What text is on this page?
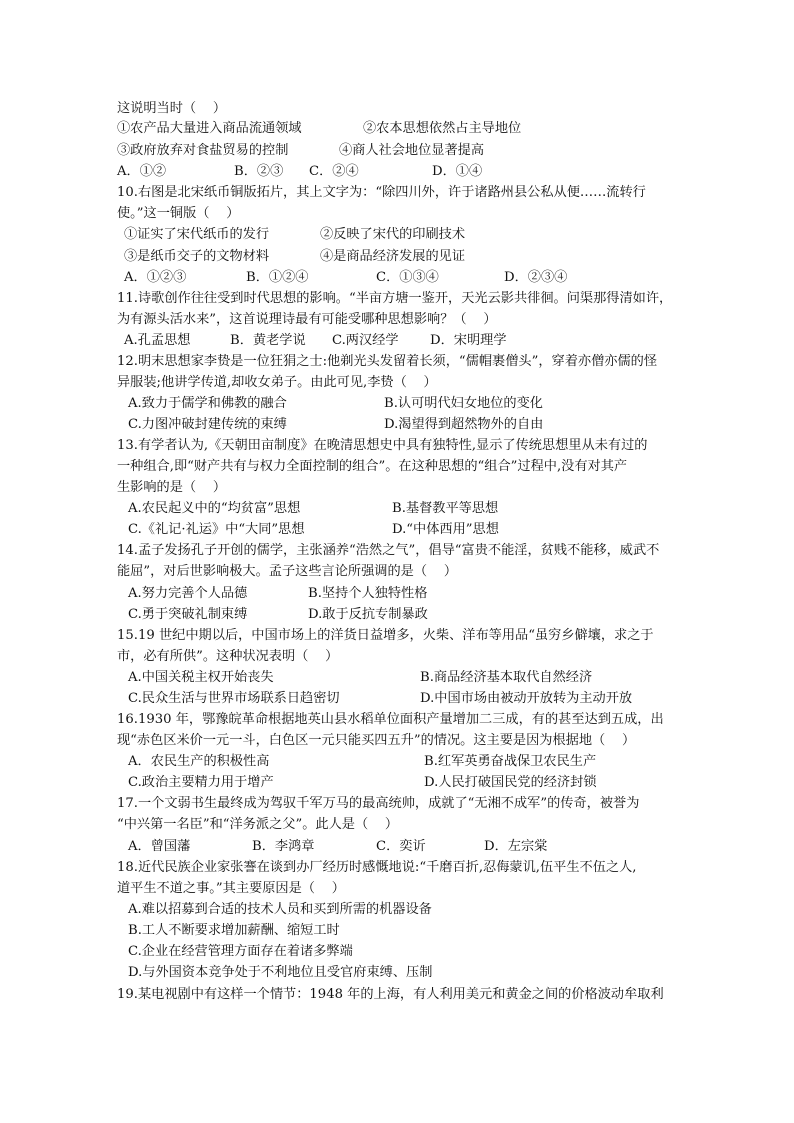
这说明当时（    ）

①农产品大量进入商品流通领域

	②农本思想依然占主导地位

③政府放弃对食盐贸易的控制

	④商人社会地位显著提高

A．①②

	B．②③

C．②④

	D．①④

10.右图是北宋纸币铜版拓片，其上文字为：“除四川外，许于诸路州县公私从便……流转行
使。”这一铜版（    ）

①证实了宋代纸币的发行

	②反映了宋代的印刷技术

③是纸币交子的文物材料

	④是商品经济发展的见证

A．①②③

	B．①②④

	C．①③④

	D．②③④

11.诗歌创作往往受到时代思想的影响。“半亩方塘一鉴开，天光云影共徘徊。问渠那得清如许，
为有源头活水来”，这首说理诗最有可能受哪种思想影响？（    ）

A.孔孟思想

	B．黄老学说

C.两汉经学

D．宋明理学

12.明末思想家李贽是一位狂狷之士:他剃光头发留着长须，“儒帽裹僧头”，穿着亦僧亦儒的怪
异服装;他讲学传道,却收女弟子。由此可见,李贽（    ）

A.致力于儒学和佛教的融合

	B.认可明代妇女地位的变化

C.力图冲破封建传统的束缚

	D.渴望得到超然物外的自由

13.有学者认为,《天朝田亩制度》在晚清思想史中具有独特性,显示了传统思想里从未有过的
一种组合,即“财产共有与权力全面控制的组合”。在这种思想的“组合”过程中,没有对其产
生影响的是（    ）

A.农民起义中的“均贫富”思想

	B.基督教平等思想

C.《礼记·礼运》中“大同”思想

	D.“中体西用”思想

14.孟子发扬孔子开创的儒学，主张涵养“浩然之气”，倡导“富贵不能淫，贫贱不能移，威武不
能屈”，对后世影响极大。孟子这些言论所强调的是（    ）

A.努力完善个人品德

	B.坚持个人独特性格

C.勇于突破礼制束缚

	D.敢于反抗专制暴政

15.19 世纪中期以后，中国市场上的洋货日益增多，火柴、洋布等用品“虽穷乡僻壤，求之于
市，必有所供”。这种状况表明（    ）

A.中国关税主权开始丧失

	B.商品经济基本取代自然经济

C.民众生活与世界市场联系日趋密切

	D.中国市场由被动开放转为主动开放

16.1930 年，鄂豫皖革命根据地英山县水稻单位面积产量增加二三成，有的甚至达到五成，出
现“赤色区米价一元一斗，白色区一元只能买四五升”的情况。这主要是因为根据地（    ）

A．农民生产的积极性高

	B.红军英勇奋战保卫农民生产

C.政治主要精力用于增产

	D.人民打破国民党的经济封锁

17.一个文弱书生最终成为驾驭千军万马的最高统帅，成就了“无湘不成军”的传奇，被誉为
“中兴第一名臣”和“洋务派之父”。此人是（    ）

A．曾国藩

	B．李鸿章

	C．奕䜣

	D．左宗棠

18.近代民族企业家张謇在谈到办厂经历时感慨地说:“千磨百折,忍侮蒙讥,伍平生不伍之人,
道平生不道之事。”其主要原因是（    ）
A.难以招募到合适的技术人员和买到所需的机器设备
B.工人不断要求增加薪酬、缩短工时
C.企业在经营管理方面存在着诸多弊端
D.与外国资本竞争处于不利地位且受官府束缚、压制
19.某电视剧中有这样一个情节：1948 年的上海，有人利用美元和黄金之间的价格波动牟取利
